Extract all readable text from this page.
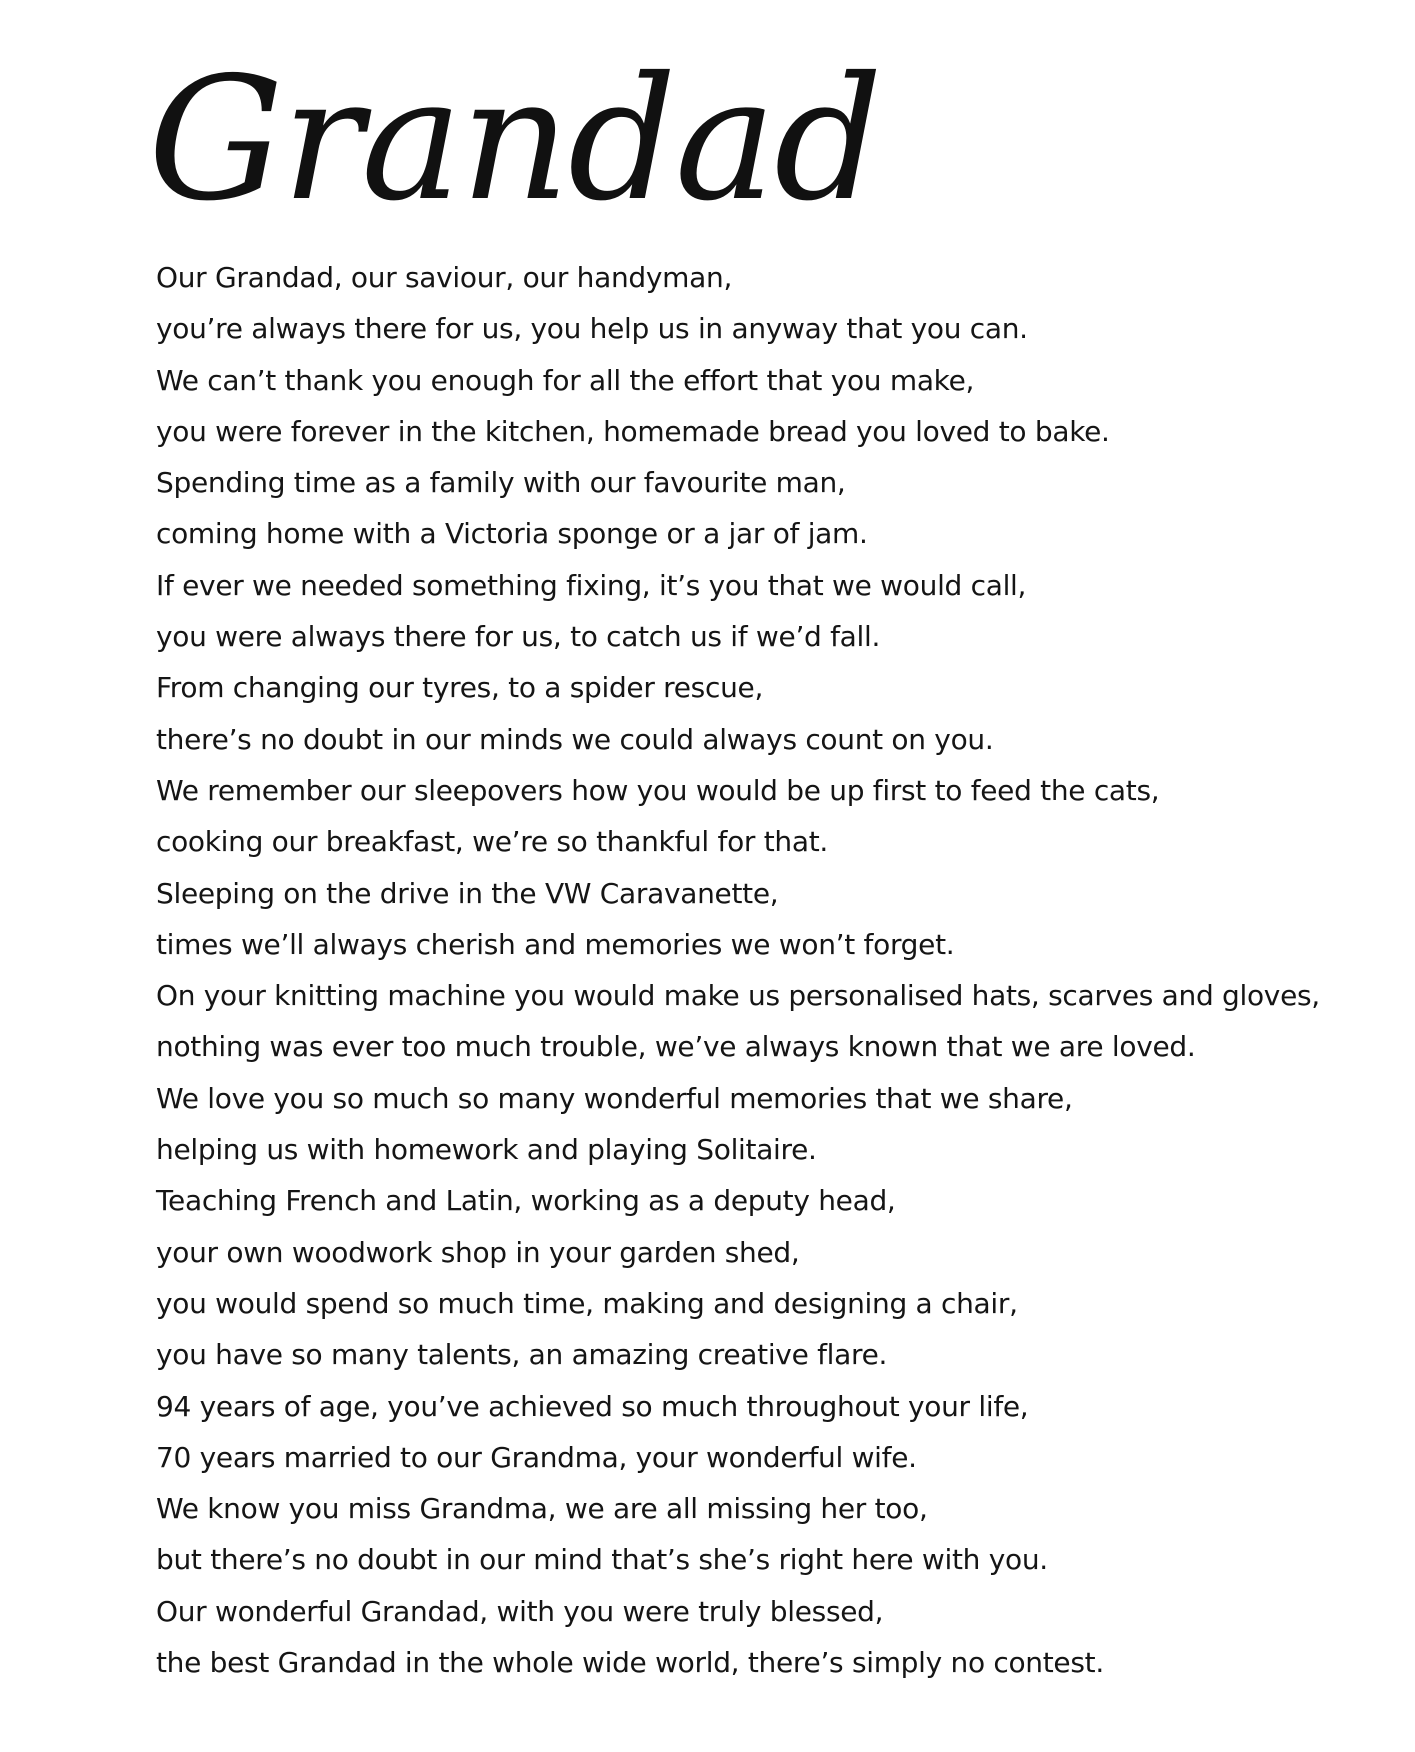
Grandad
Our Grandad, our saviour, our handyman,
you’re always there for us, you help us in anyway that you can.
We can’t thank you enough for all the effort that you make,
you were forever in the kitchen, homemade bread you loved to bake.
Spending time as a family with our favourite man,
coming home with a Victoria sponge or a jar of jam.
If ever we needed something fixing, it’s you that we would call,
you were always there for us, to catch us if we’d fall.
From changing our tyres, to a spider rescue,
there’s no doubt in our minds we could always count on you.
We remember our sleepovers how you would be up first to feed the cats,
cooking our breakfast, we’re so thankful for that.
Sleeping on the drive in the VW Caravanette,
times we’ll always cherish and memories we won’t forget.
On your knitting machine you would make us personalised hats, scarves and gloves,
nothing was ever too much trouble, we’ve always known that we are loved.
We love you so much so many wonderful memories that we share,
helping us with homework and playing Solitaire.
Teaching French and Latin, working as a deputy head,
your own woodwork shop in your garden shed,
you would spend so much time, making and designing a chair,
you have so many talents, an amazing creative flare.
94 years of age, you’ve achieved so much throughout your life,
70 years married to our Grandma, your wonderful wife.
We know you miss Grandma, we are all missing her too,
but there’s no doubt in our mind that’s she’s right here with you.
Our wonderful Grandad, with you were truly blessed,
the best Grandad in the whole wide world, there’s simply no contest.
